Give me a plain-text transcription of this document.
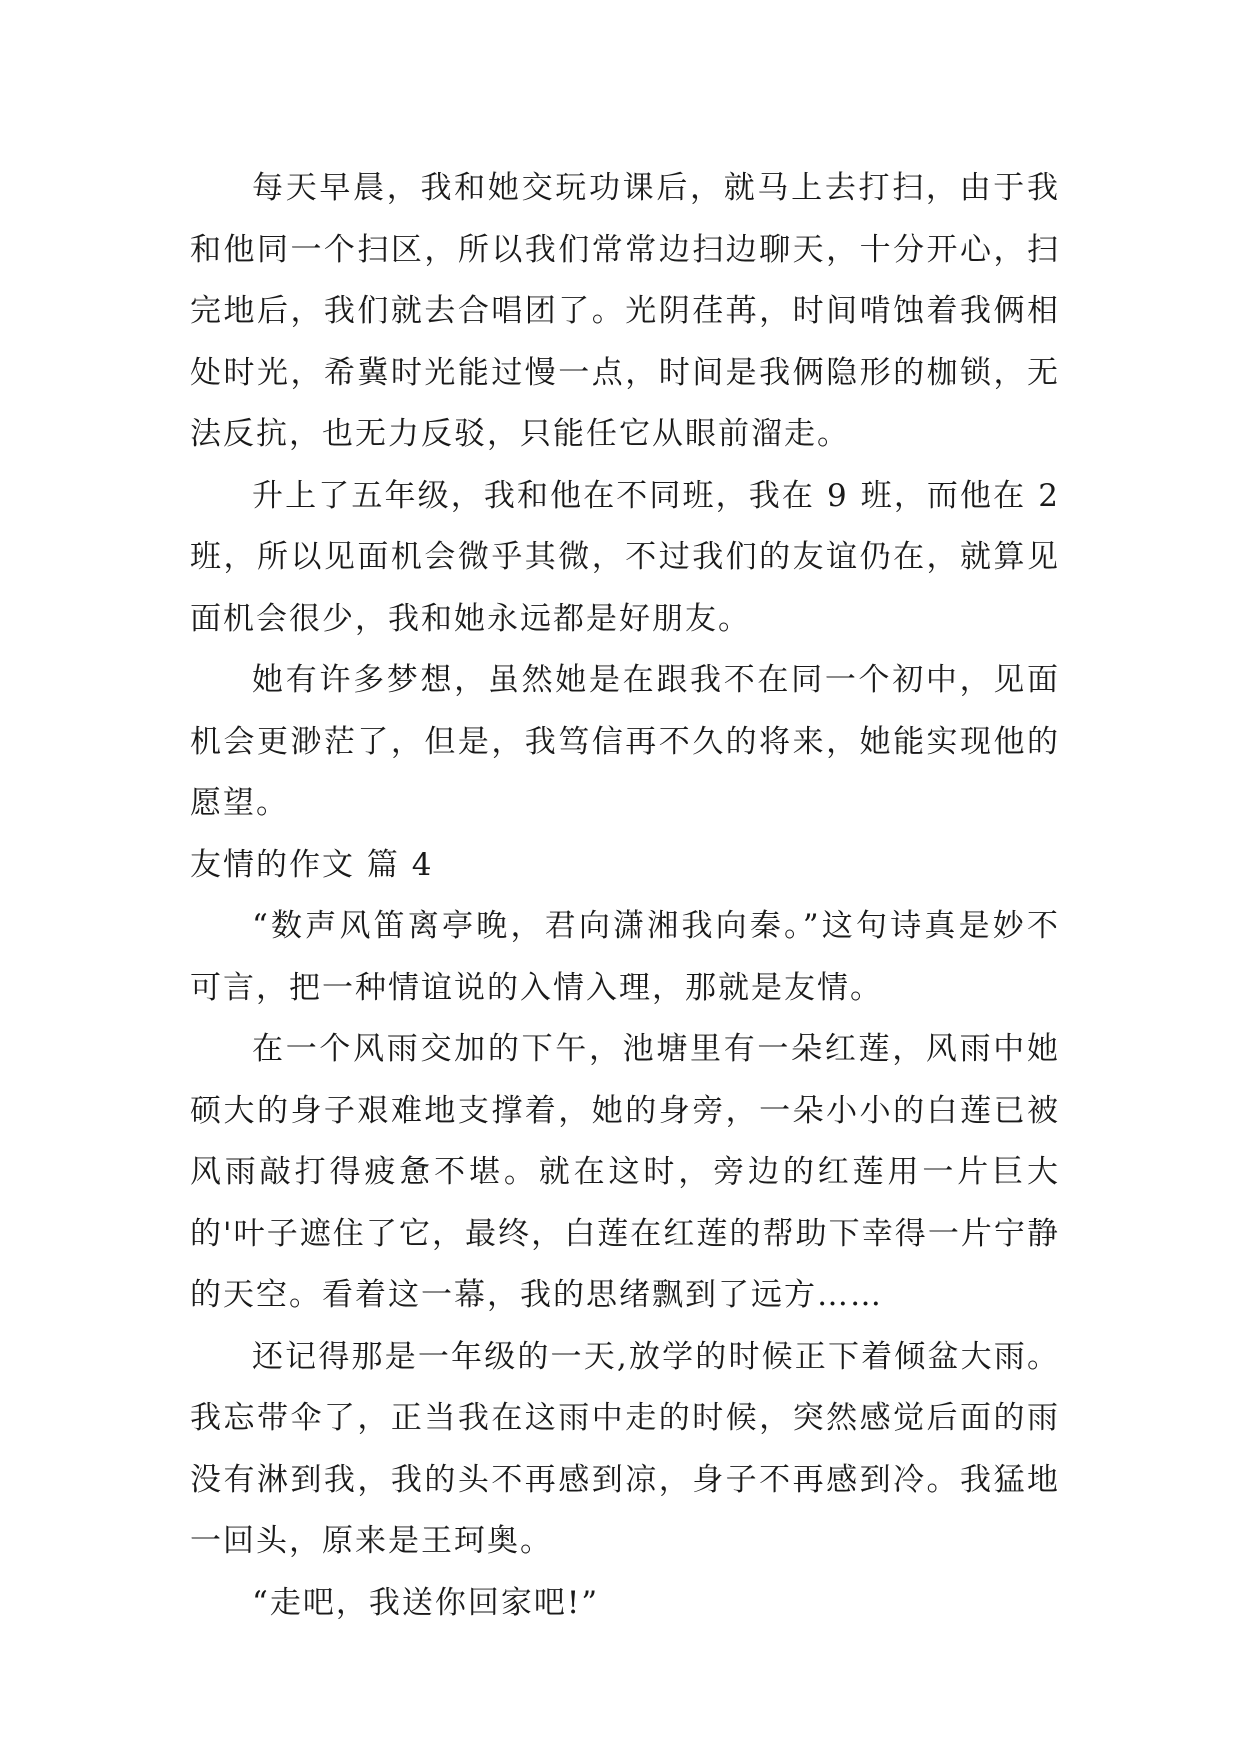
每天早晨，我和她交玩功课后，就马上去打扫，由于我和他同一个扫区，所以我们常常边扫边聊天，十分开心，扫完地后，我们就去合唱团了。光阴荏苒，时间啃蚀着我俩相处时光，希冀时光能过慢一点，时间是我俩隐形的枷锁，无法反抗，也无力反驳，只能任它从眼前溜走。

升上了五年级，我和他在不同班，我在 9 班，而他在 2 班，所以见面机会微乎其微，不过我们的友谊仍在，就算见面机会很少，我和她永远都是好朋友。

她有许多梦想，虽然她是在跟我不在同一个初中，见面机会更渺茫了，但是，我笃信再不久的将来，她能实现他的愿望。

友情的作文 篇 4

“数声风笛离亭晚，君向潇湘我向秦。”这句诗真是妙不可言，把一种情谊说的入情入理，那就是友情。

在一个风雨交加的下午，池塘里有一朵红莲，风雨中她硕大的身子艰难地支撑着，她的身旁，一朵小小的白莲已被风雨敲打得疲惫不堪。就在这时，旁边的红莲用一片巨大的'叶子遮住了它，最终，白莲在红莲的帮助下幸得一片宁静的天空。看着这一幕，我的思绪飘到了远方……

还记得那是一年级的一天,放学的时候正下着倾盆大雨。我忘带伞了，正当我在这雨中走的时候，突然感觉后面的雨没有淋到我，我的头不再感到凉，身子不再感到冷。我猛地一回头，原来是王珂奥。

“走吧，我送你回家吧!”
